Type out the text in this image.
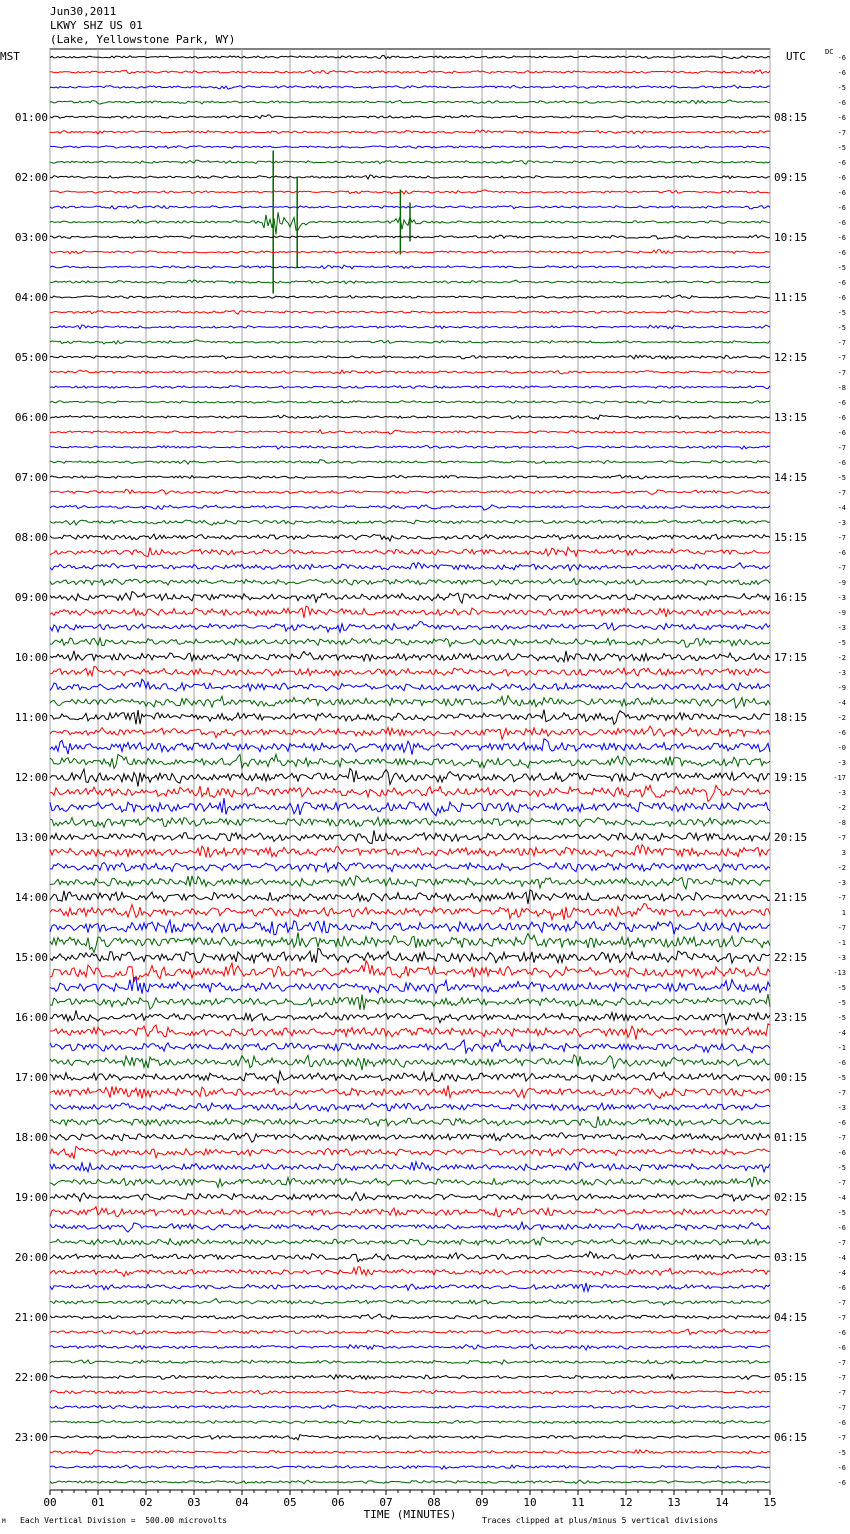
Jun30,2011
LKWY SHZ US 01
(Lake, Yellowstone Park, WY)
MST	UTC	DC
00	01	02	03	04	05	06	07	08	09	10	11	12	13	14	15
TIME (MINUTES)
-6
-6
-5
-6
-6
-7
-5
-6
-6
-6
-6
-6
-6
-6
-5
-6
-6
-5
-5
-7
-7
-7
-8
-6
-6
-6
-7
-6
-5
-7
-4
-3
-7
-6
-7
-9
-3
-9
-3
-5
-2
-3
-9
-4
-2
-6
-0
-3
-17
-3
-2
-8
-7
3
-2
-3
-7
1
-7
-1
-3
-13
-5
-5
-5
-4
-1
-6
-5
-7
-3
-6
-7
-6
-5
-7
-4
-5
-6
-7
-4
-4
-6
-7
-7
-6
-6
-7
-7
-7
-7
-6
-7
-5
-6
-6
01:00
02:00
03:00
04:00
05:00
06:00
07:00
08:00
09:00
10:00
11:00
12:00
13:00
14:00
15:00
16:00
17:00
18:00
19:00
20:00
21:00
22:00
23:00
08:15
09:15
10:15
11:15
12:15
13:15
14:15
15:15
16:15
17:15
18:15
19:15
20:15
21:15
22:15
23:15
00:15
01:15
02:15
03:15
04:15
05:15
06:15
M Each Vertical Division =  500.00 microvolts	Traces clipped at plus/minus 5 vertical divisions
